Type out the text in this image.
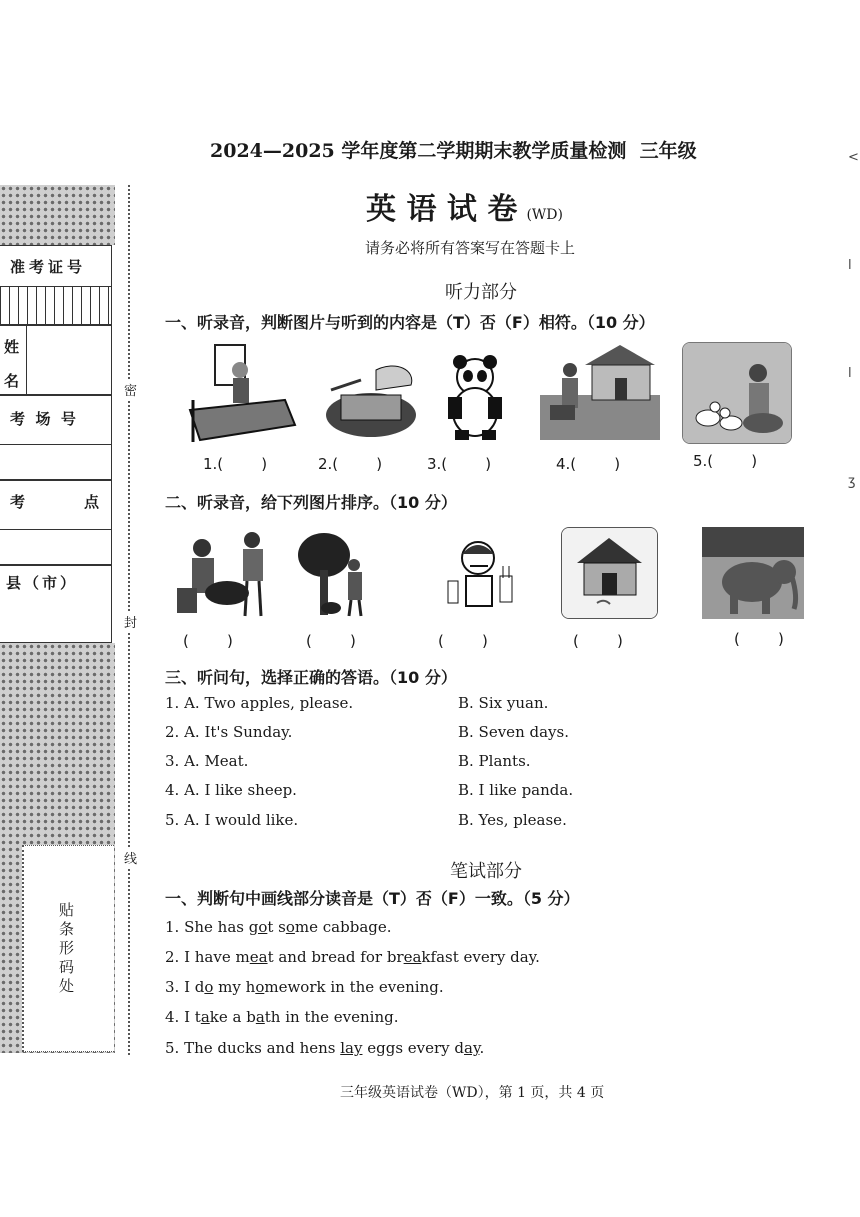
准考证号
姓
名
考  场  号
考	点
县（市）
贴条形码处
密
封
线
<

l

l

ʒ
2024—2025 学年度第二学期期末教学质量检测  三年级
英 语 试 卷 (WD)
请务必将所有答案写在答题卡上
听力部分
一、听录音，判断图片与听到的内容是（T）否（F）相符。（10 分）
1.(        )	2.(        )	3.(        )	4.(        )	5.(        )
二、听录音，给下列图片排序。（10 分）
(        )	(        )	(        )	(        )	(        )
三、听问句，选择正确的答语。（10 分）
1. A. Two apples, please.	B. Six yuan.
2. A. It's Sunday.	B. Seven days.
3. A. Meat.	B. Plants.
4. A. I like sheep.	B. I like panda.
5. A. I would like.	B. Yes, please.
笔试部分
一、判断句中画线部分读音是（T）否（F）一致。（5 分）
1. She has got some cabbage.
2. I have meat and bread for breakfast every day.
3. I do my homework in the evening.
4. I take a bath in the evening.
5. The ducks and hens lay eggs every day.
三年级英语试卷（WD），第 1 页，共 4 页
